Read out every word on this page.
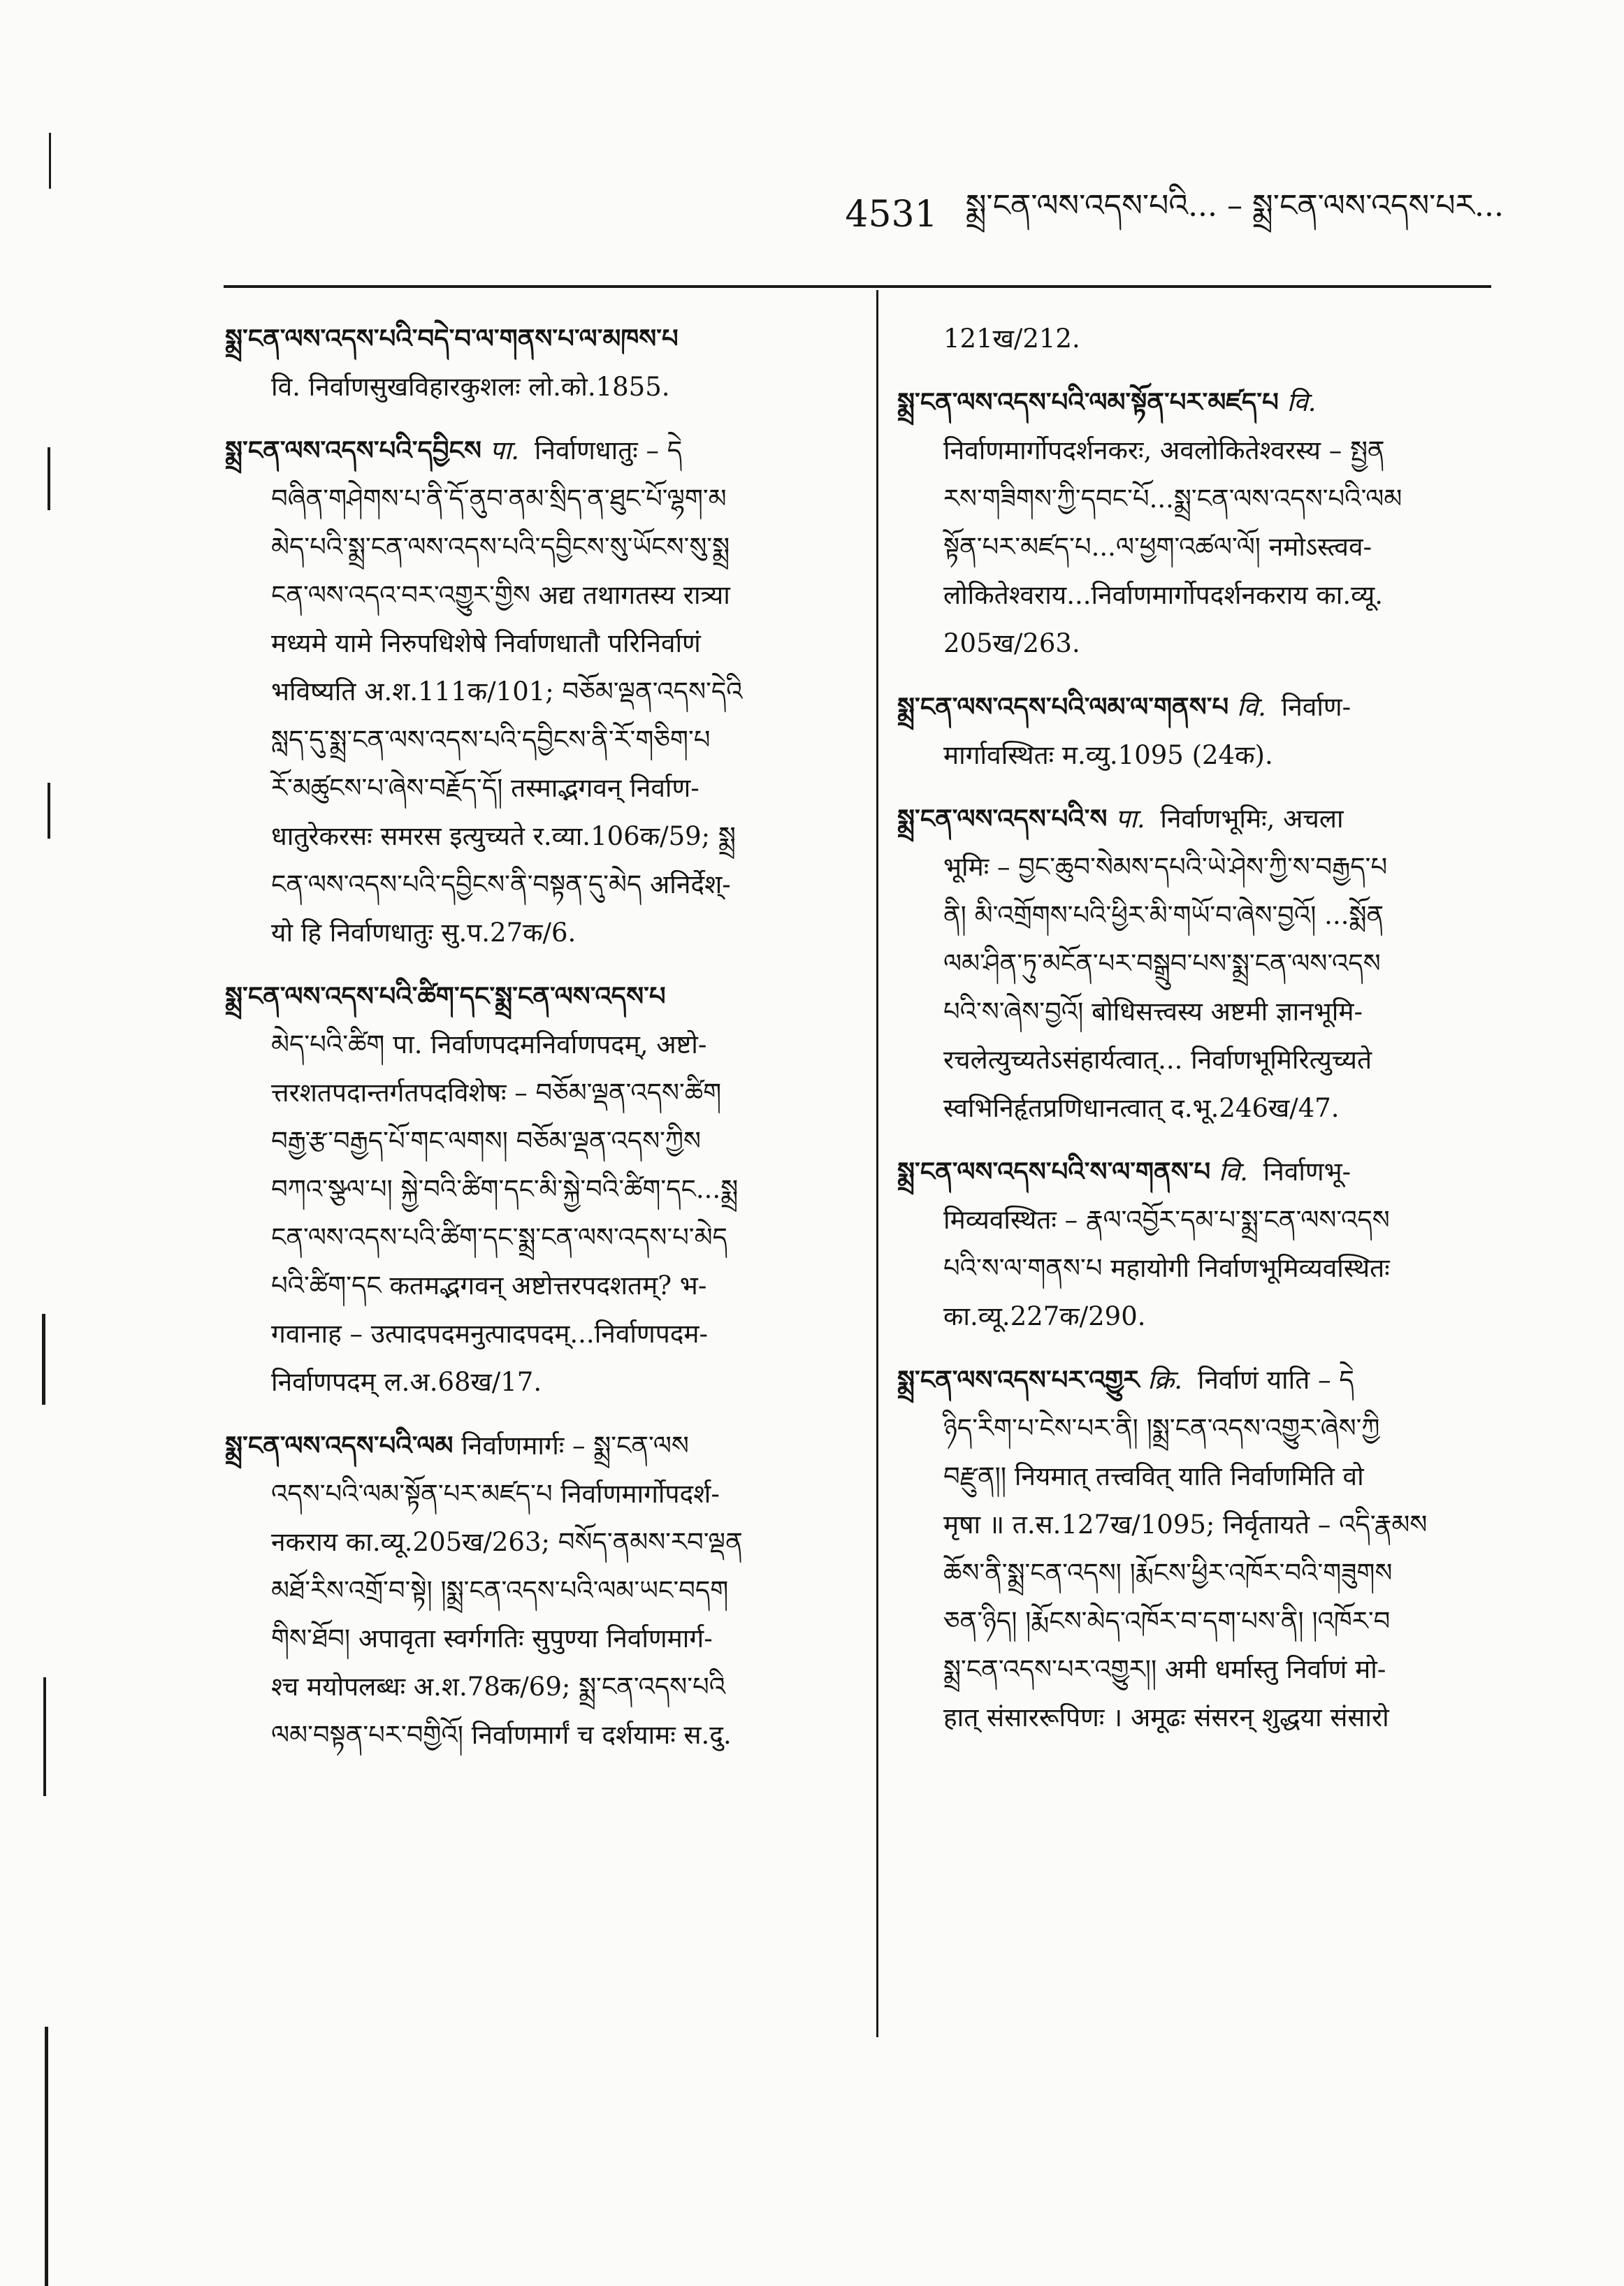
4531 སྨྲ་ངན་ལས་འདས་པའི... – སྨྲ་ངན་ལས་འདས་པར...
སྨྲ་ངན་ལས་འདས་པའི་བདེ་བ་ལ་གནས་པ་ལ་མཁས་པ
वि. निर्वाणसुखविहारकुशलः लो.को.1855.
སྨྲ་ངན་ལས་འདས་པའི་དབྱིངས पा. निर्वाणधातुः – དེ
བཞིན་གཤེགས་པ་ནི་དོ་ནུབ་ནམ་སྲིད་ན་ཐུང་པོ་ལྷག་མ
མེད་པའི་སྨྲ་ངན་ལས་འདས་པའི་དབྱིངས་སུ་ཡོངས་སུ་སྨྲ
ངན་ལས་འདའ་བར་འགྱུར་གྱིས अद्य तथागतस्य रात्र्या
मध्यमे यामे निरुपधिशेषे निर्वाणधातौ परिनिर्वाणं
भविष्यति अ.श.111क/101; བཅོམ་ལྡན་འདས་དེའི
སླད་དུ་སྨྲ་ངན་ལས་འདས་པའི་དབྱིངས་ནི་རོ་གཅིག་པ
རོ་མཚུངས་པ་ཞེས་བརྗོད་དོ། तस्माद्भगवन् निर्वाण-
धातुरेकरसः समरस इत्युच्यते र.व्या.106क/59; སྨྲ
ངན་ལས་འདས་པའི་དབྱིངས་ནི་བསྟན་དུ་མེད अनिर्देश्-
यो हि निर्वाणधातुः सु.प.27क/6.
སྨྲ་ངན་ལས་འདས་པའི་ཚིག་དང་སྨྲ་ངན་ལས་འདས་པ
མེད་པའི་ཚིག पा. निर्वाणपदमनिर्वाणपदम्, अष्टो-
त्तरशतपदान्तर्गतपदविशेषः – བཅོམ་ལྡན་འདས་ཚིག
བརྒྱ་རྩ་བརྒྱད་པོ་གང་ལགས། བཅོམ་ལྡན་འདས་ཀྱིས
བཀའ་སྩལ་པ། སྐྱེ་བའི་ཚིག་དང་མི་སྐྱེ་བའི་ཚིག་དང...སྨྲ
ངན་ལས་འདས་པའི་ཚིག་དང་སྨྲ་ངན་ལས་འདས་པ་མེད
པའི་ཚིག་དང कतमद्भगवन् अष्टोत्तरपदशतम्? भ-
गवानाह – उत्पादपदमनुत्पादपदम्...निर्वाणपदम-
निर्वाणपदम् ल.अ.68ख/17.
སྨྲ་ངན་ལས་འདས་པའི་ལམ निर्वाणमार्गः – སྨྲ་ངན་ལས
འདས་པའི་ལམ་སྟོན་པར་མཛད་པ निर्वाणमार्गोपदर्श-
नकराय का.व्यू.205ख/263; བསོད་ནམས་རབ་ལྡན
མཐོ་རིས་འགྲོ་བ་སྟེ། །སྨྲ་ངན་འདས་པའི་ལམ་ཡང་བདག
གིས་ཐོབ། अपावृता स्वर्गगतिः सुपुण्या निर्वाणमार्ग-
श्च मयोपलब्धः अ.श.78क/69; སྨྲ་ངན་འདས་པའི
ལམ་བསྟན་པར་བགྱིའོ། निर्वाणमार्गं च दर्शयामः स.दु.
121ख/212.
སྨྲ་ངན་ལས་འདས་པའི་ལམ་སྟོན་པར་མཛད་པ वि.
निर्वाणमार्गोपदर्शनकरः, अवलोकितेश्वरस्य – སྤྱན
རས་གཟིགས་ཀྱི་དབང་པོ...སྨྲ་ངན་ལས་འདས་པའི་ལམ
སྟོན་པར་མཛད་པ...ལ་ཕྱག་འཚལ་ལོ། नमोऽस्त्वव-
लोकितेश्वराय...निर्वाणमार्गोपदर्शनकराय का.व्यू.
205ख/263.
སྨྲ་ངན་ལས་འདས་པའི་ལམ་ལ་གནས་པ वि. निर्वाण-
मार्गावस्थितः म.व्यु.1095 (24क).
སྨྲ་ངན་ལས་འདས་པའི་ས पा. निर्वाणभूमिः, अचला
भूमिः – བྱང་ཆུབ་སེམས་དཔའི་ཡེ་ཤེས་ཀྱི་ས་བརྒྱད་པ
ནི། མི་འགྲོགས་པའི་ཕྱིར་མི་གཡོ་བ་ཞེས་བྱའོ། ...སྨོན
ལམ་ཤིན་ཏུ་མངོན་པར་བསྒྲུབ་པས་སྨྲ་ངན་ལས་འདས
པའི་ས་ཞེས་བྱའོ། बोधिसत्त्वस्य अष्टमी ज्ञानभूमि-
रचलेत्युच्यतेऽसंहार्यत्वात्... निर्वाणभूमिरित्युच्यते
स्वभिनिर्हृतप्रणिधानत्वात् द.भू.246ख/47.
སྨྲ་ངན་ལས་འདས་པའི་ས་ལ་གནས་པ वि. निर्वाणभू-
मिव्यवस्थितः – རྣལ་འབྱོར་དམ་པ་སྨྲ་ངན་ལས་འདས
པའི་ས་ལ་གནས་པ महायोगी निर्वाणभूमिव्यवस्थितः
का.व्यू.227क/290.
སྨྲ་ངན་ལས་འདས་པར་འགྱུར क्रि. निर्वाणं याति – དེ
ཉིད་རིག་པ་ངེས་པར་ནི། །སྨྲ་ངན་འདས་འགྱུར་ཞེས་ཀྱི
བརྫུན།། नियमात् तत्त्ववित् याति निर्वाणमिति वो
मृषा ॥ त.स.127ख/1095; निर्वृतायते – འདི་རྣམས
ཆོས་ནི་སྨྲ་ངན་འདས། །རྨོངས་ཕྱིར་འཁོར་བའི་གཟུགས
ཅན་ཉིད། །རྨོངས་མེད་འཁོར་བ་དག་པས་ནི། །འཁོར་བ
སྨྲ་ངན་འདས་པར་འགྱུར།། अमी धर्मास्तु निर्वाणं मो-
हात् संसाररूपिणः । अमूढः संसरन् शुद्धया संसारो
